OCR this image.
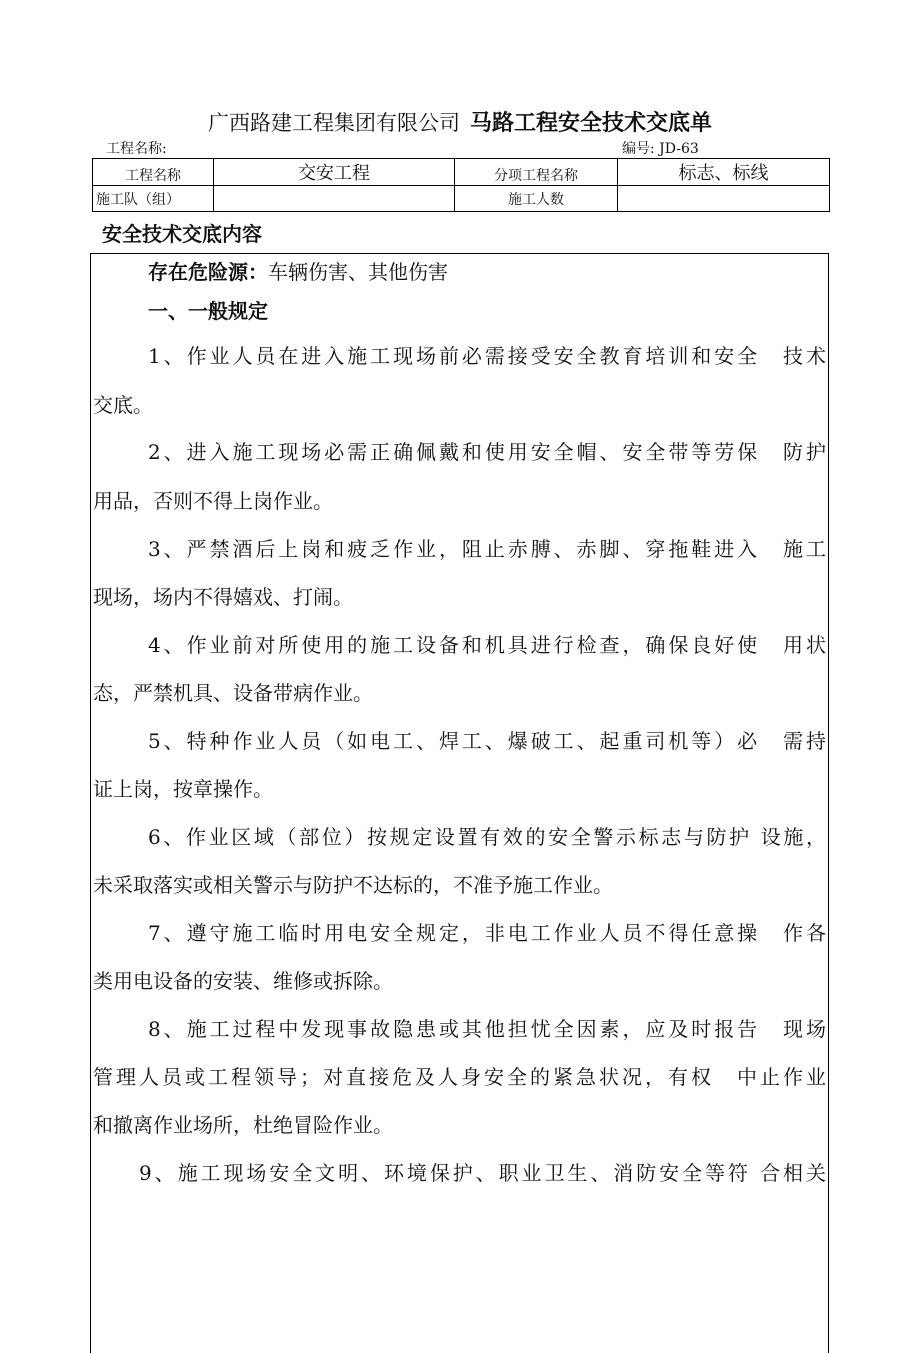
广西路建工程集团有限公司 马路工程安全技术交底单
工程名称:	编号: JD-63
工程名称	交安工程	分项工程名称	标志、标线
施工队（组）		施工人数	
安全技术交底内容
存在危险源：车辆伤害、其他伤害
一、一般规定
1、作业人员在进入施工现场前必需接受安全教育培训和安全　技术
交底。
2、进入施工现场必需正确佩戴和使用安全帽、安全带等劳保　防护
用品，否则不得上岗作业。
3、严禁酒后上岗和疲乏作业，阻止赤膊、赤脚、穿拖鞋进入　施工
现场，场内不得嬉戏、打闹。
4、作业前对所使用的施工设备和机具进行检查，确保良好使　用状
态，严禁机具、设备带病作业。
5、特种作业人员（如电工、焊工、爆破工、起重司机等）必　需持
证上岗，按章操作。
6、作业区域（部位）按规定设置有效的安全警示标志与防护 设施，
未采取落实或相关警示与防护不达标的，不准予施工作业。
7、遵守施工临时用电安全规定，非电工作业人员不得任意操　作各
类用电设备的安装、维修或拆除。
8、施工过程中发现事故隐患或其他担忧全因素，应及时报告　现场
管理人员或工程领导；对直接危及人身安全的紧急状况，有权　中止作业
和撤离作业场所，杜绝冒险作业。
9、施工现场安全文明、环境保护、职业卫生、消防安全等符 合相关
